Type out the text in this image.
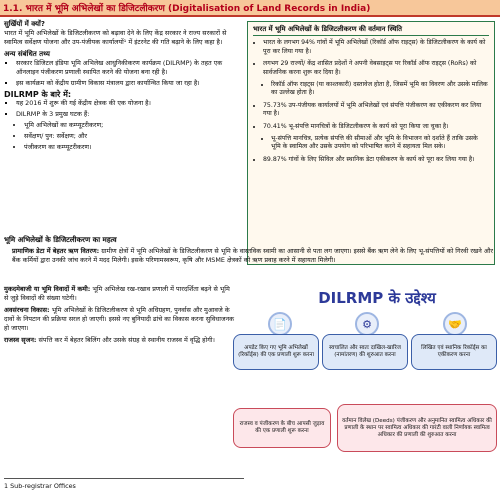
1.1. भारत में भूमि अभिलेखों का डिजिटलीकरण (Digitalisation of Land Records in India)
सुर्खियों में क्यों?

भारत में भूमि अभिलेखों के डिजिटलीकरण को बढ़ावा देने के लिए केंद्र सरकार ने राज्य सरकारों से स्वामित्व सर्वेक्षण योजना और उप-पंजीयक कार्यालयों¹ में इंटरनेट की गति बढ़ाने के लिए कहा है।

अन्य संबंधित तथ्य
▪ सरकार डिजिटल इंडिया भूमि अभिलेख आधुनिकीकरण कार्यक्रम (DILRMP) के तहत एक ऑनलाइन पंजीकरण प्रणाली स्थापित करने की योजना बना रही है।
▪ इस कार्यक्रम को केंद्रीय ग्रामीण विकास मंत्रालय द्वारा कार्यान्वित किया जा रहा है।
DILRMP के बारे में:
▪ यह 2016 में शुरू की गई केंद्रीय क्षेत्रक की एक योजना है।
▪ DILRMP के 3 प्रमुख घटक हैं:
• भूमि अभिलेखों का कम्प्यूटरीकरण;
• सर्वेक्षण/ पुन: सर्वेक्षण; और
• पंजीकरण का कम्प्यूटरीकरण।
भारत में भूमि अभिलेखों के डिजिटलीकरण की वर्तमान स्थिति
• भारत के लगभग 94% गांवों में भूमि अभिलेखों (रिकॉर्ड ऑफ राइट्स) के डिजिटलीकरण के कार्य को पूरा कर लिया गया है।
• लगभग 29 राज्यों/ केंद्र शासित प्रदेशों ने अपनी वेबसाइट्स पर रिकॉर्ड ऑफ राइट्स (RoRs) को सार्वजनिक करना शुरू कर दिया है।
• रिकॉर्ड ऑफ राइट्स (या काश्तकारी) दस्तावेज होता है, जिसमें भूमि का विवरण और उसके मालिक का उल्लेख होता है।
• 75.73% उप-पंजीयक कार्यालयों में भूमि अभिलेखों एवं संपत्ति पंजीकरण का एकीकरण कर लिया गया है।
• 70.41% भू-संपत्ति मानचित्रों के डिजिटलीकरण के कार्य को पूरा किया जा चुका है।
• भू-संपत्ति मानचित्र, प्रत्येक संपत्ति की सीमाओं और भूमि के विभाजन को दर्शाते हैं ताकि उसके भूमि के स्वामित्व और उसके उपयोग को परिभाषित करने में सहायता मिल सके।
• 89.87% गांवों के लिए सिविल और स्थानिक डेटा एकीकरण के कार्य को पूरा कर लिया गया है।
भूमि अभिलेखों के डिजिटलीकरण का महत्व
प्रामाणिक डेटा में बेहतर ऋण वितरण: ग्रामीण क्षेत्रों में भूमि अभिलेखों के डिजिटलीकरण से भूमि के वास्तविक स्वामी का आसानी से पता लग जाएगा। इससे बैंक ऋण लेने के लिए भू-संपत्तियों को गिरवी रखने और बैंक कर्मियों द्वारा उनकी जांच करने में मदद मिलेगी। इसके परिणामस्वरूप, कृषि और MSME क्षेत्रकों को ऋण प्रवाह करने में सहायता मिलेगी।

मुकदमेबाजी या भूमि विवादों में कमी: भूमि अभिलेख रख-रखाव प्रणाली में पारदर्शिता बढ़ने से भूमि से जुड़े विवादों की संख्या घटेगी।

अवसंरचना विकास: भूमि अभिलेखों के डिजिटलीकरण से भूमि अधिग्रहण, पुनर्वास और मुआवजे के दावों के निपटान की प्रक्रिया सरल हो जाएगी। इससे नए बुनियादी ढांचे का विकास करना सुविधाजनक हो जाएगा।

राजस्व सृजन: संपत्ति कर में बेहतर बिलिंग और उसके संग्रह से स्थानीय राजस्व में वृद्धि होगी।

DILRMP के उद्देश्य
📄	⚙	🤝
अपडेट किए गए भूमि अभिलेखों (रिकॉर्ड्स) की एक प्रणाली शुरू करना
स्वचालित और स्वतः दाखिल-खारिज (नामांतरण) की शुरुआत करना
लिखित एवं स्थानिक रिकॉर्ड्स का एकीकरण करना
राजस्व व पंजीकरण के बीच आपसी जुड़ाव की एक प्रणाली शुरू करना
वर्तमान विलेख (Deeds) पंजीकरण और अनुमानित स्वामित्व अधिकार की प्रणाली के स्थान पर स्वामित्व अधिकार की गारंटी वाली निर्णायक स्वामित्व अधिकार की प्रणाली की शुरुआत करना
1 Sub-registrar Offices
